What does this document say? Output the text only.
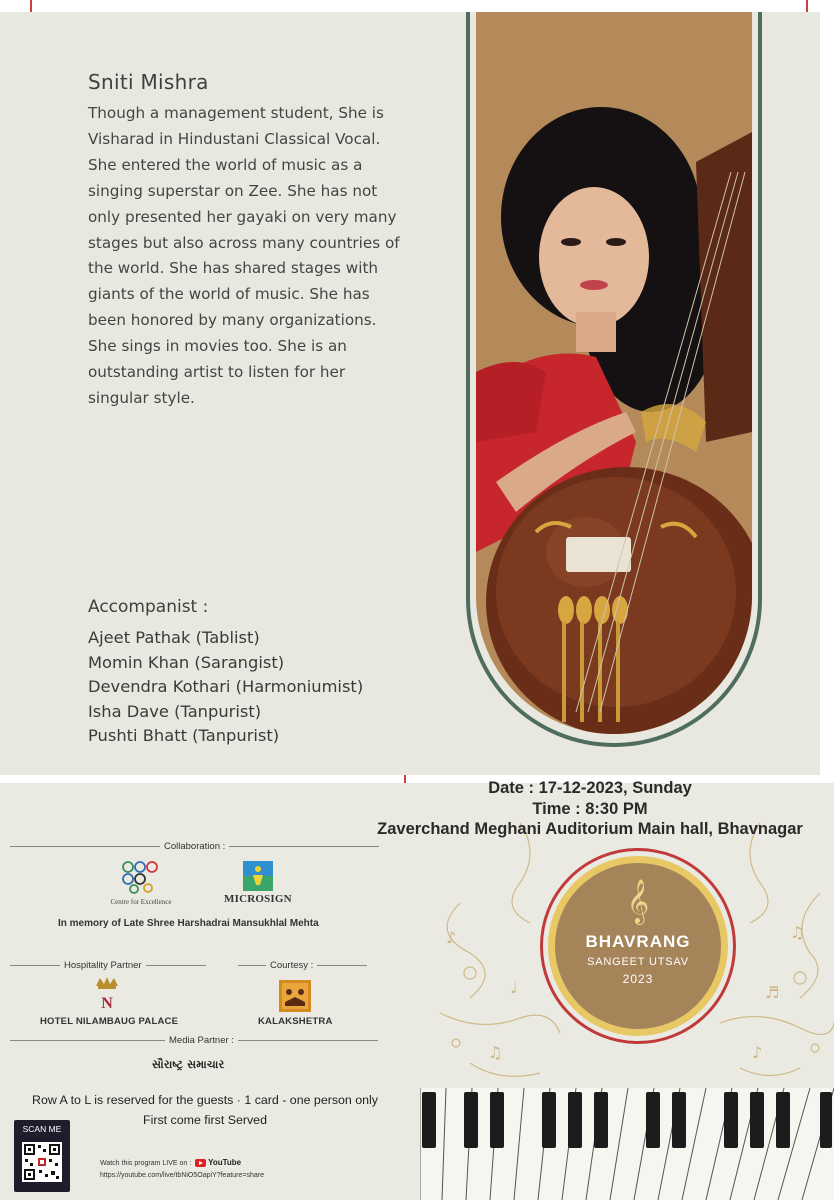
Sniti Mishra
Though a management student, She is
Visharad in Hindustani Classical Vocal.
She entered the world of music as a
singing superstar on Zee. She has not
only presented her gayaki on very many
stages but also across many countries of
the world. She has shared stages with
giants of the world of music. She has
been honored by many organizations.
She sings in movies too. She is an
outstanding artist to listen for her
singular style.
Accompanist :
Ajeet Pathak (Tablist)
Momin Khan (Sarangist)
Devendra Kothari (Harmoniumist)
Isha Dave (Tanpurist)
Pushti Bhatt (Tanpurist)
♪	♫
♩	♬
♫	♪
Date : 17-12-2023, Sunday
Time : 8:30 PM
Zaverchand Meghani Auditorium Main hall, Bhavnagar
Collaboration :
Centre for Excellence	MICROSIGN
In memory of Late Shree Harshadrai Mansukhlal Mehta
Hospitality Partner	Courtesy :
N
HOTEL NILAMBAUG PALACE	KALAKSHETRA
Media Partner :
સૌરાષ્ટ્ર સમાચાર
Row A to L is reserved for the guests · 1 card - one person only
First come first Served
SCAN ME
Watch this program LIVE on : YouTube
https://youtube.com/live/tbNiO5OapiY?feature=share
𝄞
BHAVRANG
SANGEET UTSAV
2023
